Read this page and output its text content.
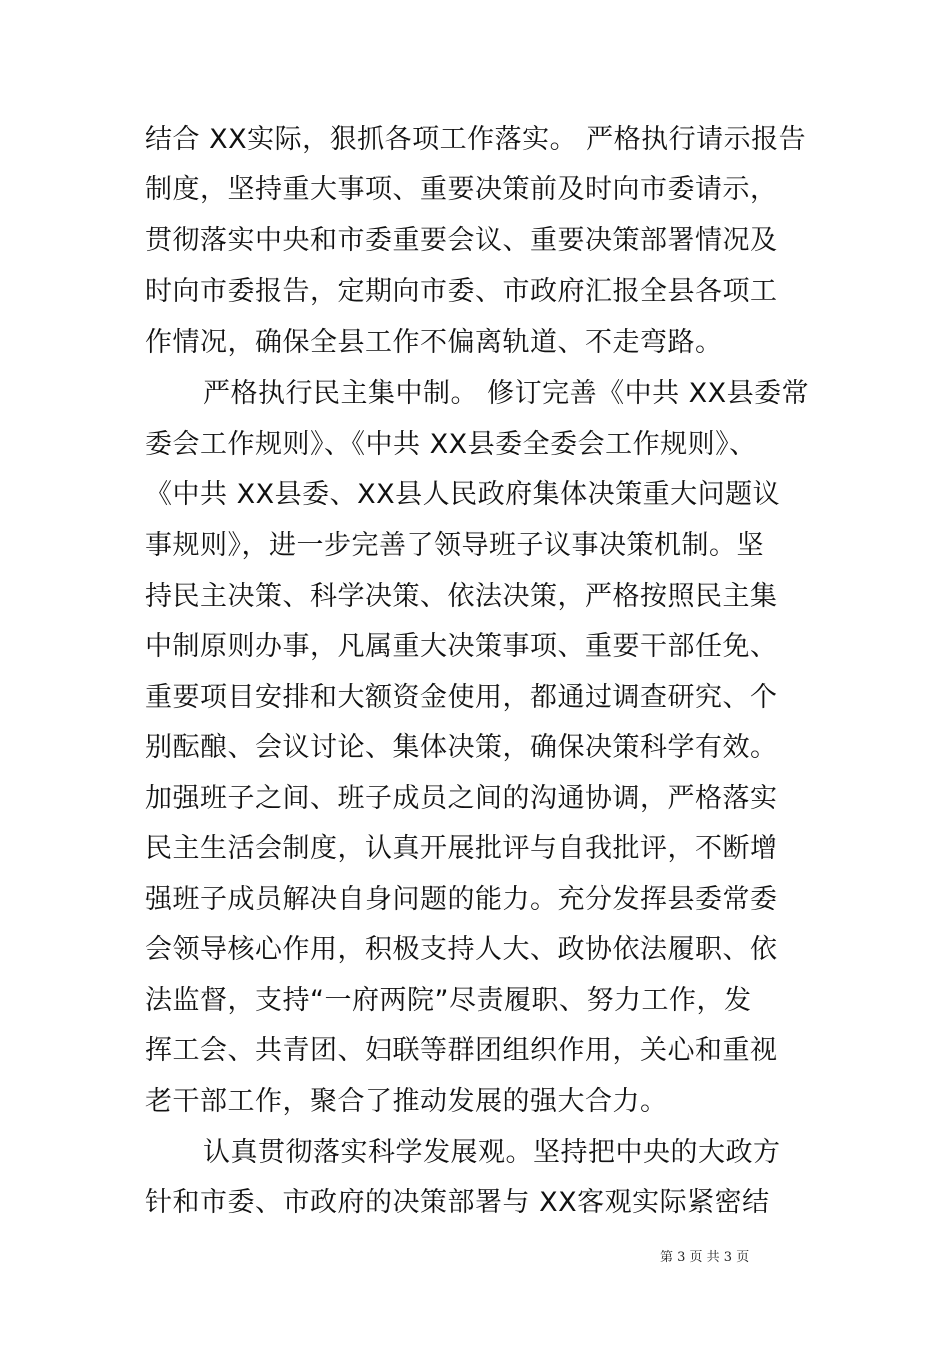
结合 XX实际，狠抓各项工作落实。 严格执行请示报告
制度，坚持重大事项、重要决策前及时向市委请示，
贯彻落实中央和市委重要会议、重要决策部署情况及
时向市委报告，定期向市委、市政府汇报全县各项工
作情况，确保全县工作不偏离轨道、不走弯路。
严格执行民主集中制。 修订完善《中共 XX县委常
委会工作规则》、《中共 XX县委全委会工作规则》、
《中共 XX县委、XX县人民政府集体决策重大问题议
事规则》，进一步完善了领导班子议事决策机制。坚
持民主决策、科学决策、依法决策，严格按照民主集
中制原则办事，凡属重大决策事项、重要干部任免、
重要项目安排和大额资金使用，都通过调查研究、个
别酝酿、会议讨论、集体决策，确保决策科学有效。
加强班子之间、班子成员之间的沟通协调，严格落实
民主生活会制度，认真开展批评与自我批评，不断增
强班子成员解决自身问题的能力。充分发挥县委常委
会领导核心作用，积极支持人大、政协依法履职、依
法监督，支持“一府两院”尽责履职、努力工作，发
挥工会、共青团、妇联等群团组织作用，关心和重视
老干部工作，聚合了推动发展的强大合力。
认真贯彻落实科学发展观。坚持把中央的大政方
针和市委、市政府的决策部署与 XX客观实际紧密结
第 3 页 共 3 页
